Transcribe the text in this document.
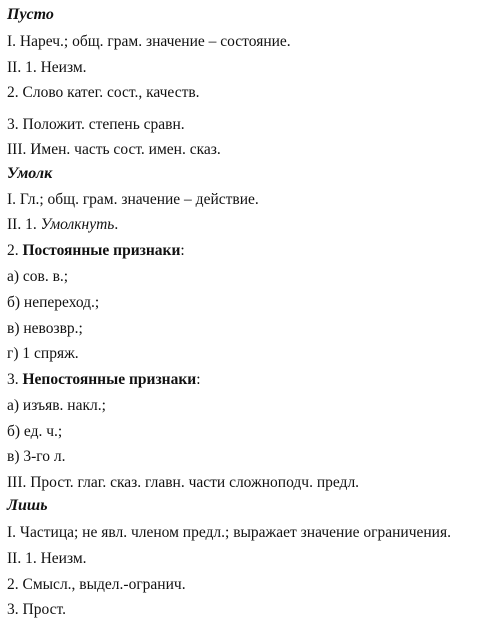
Пусто
I. Нареч.; общ. грам. значение – состояние.
II. 1. Неизм.
2. Слово катег. сост., качеств.
3. Положит. степень сравн.
III. Имен. часть сост. имен. сказ.
Умолк
I. Гл.; общ. грам. значение – действие.
II. 1. Умолкнуть.
2. Постоянные признаки:
а) сов. в.;
б) непереход.;
в) невозвр.;
г) 1 спряж.
3. Непостоянные признаки:
а) изъяв. накл.;
б) ед. ч.;
в) 3-го л.
III. Прост. глаг. сказ. главн. части сложноподч. предл.
Лишь
I. Частица; не явл. членом предл.; выражает значение ограничения.
II. 1. Неизм.
2. Смысл., выдел.-огранич.
3. Прост.
